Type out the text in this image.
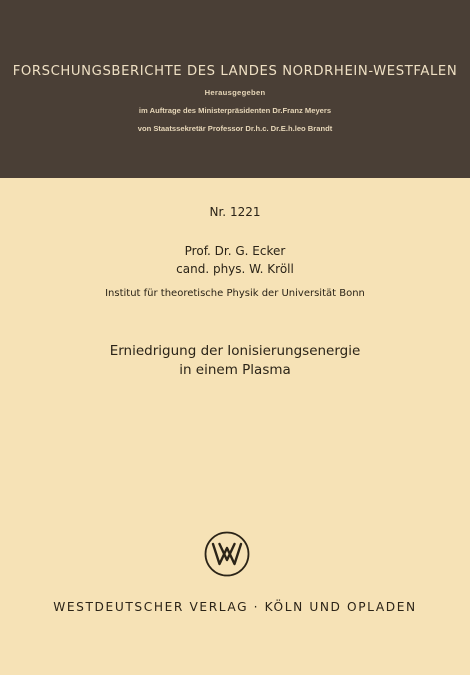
FORSCHUNGSBERICHTE DES LANDES NORDRHEIN-WESTFALEN
Herausgegeben
im Auftrage des Ministerpräsidenten Dr.Franz Meyers
von Staatssekretär Professor Dr.h.c. Dr.E.h.leo Brandt
Nr. 1221
Prof. Dr. G. Ecker
cand. phys. W. Kröll
Institut für theoretische Physik der Universität Bonn
Erniedrigung der Ionisierungsenergie
in einem Plasma
WESTDEUTSCHER VERLAG · KÖLN UND OPLADEN
